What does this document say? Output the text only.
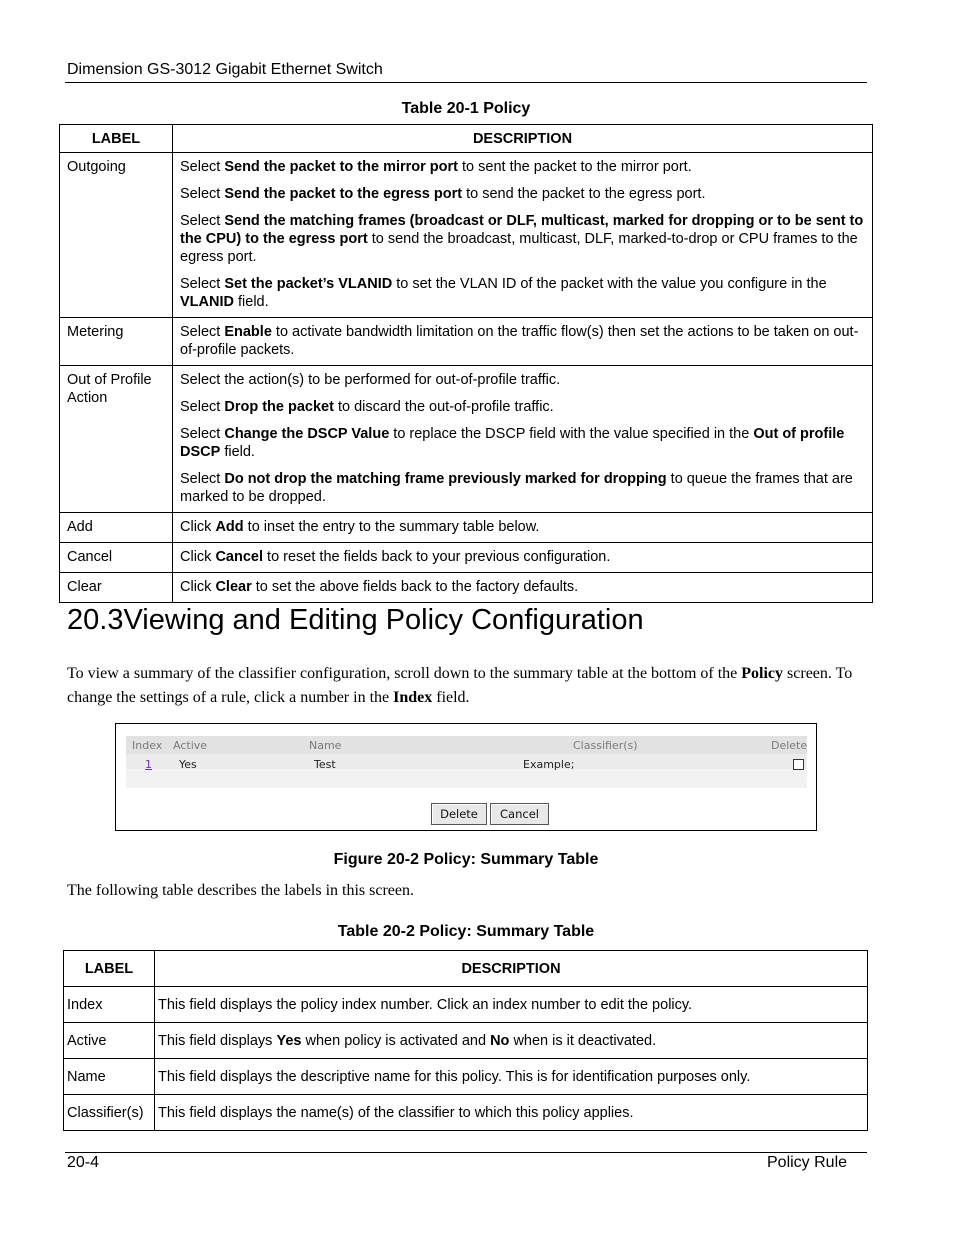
Dimension GS-3012 Gigabit Ethernet Switch
Table 20-1 Policy
LABEL	DESCRIPTION
Outgoing	Select Send the packet to the mirror port to sent the packet to the mirror port.

Select Send the packet to the egress port to send the packet to the egress port.

Select Send the matching frames (broadcast or DLF, multicast, marked for dropping or to be sent to the CPU) to the egress port to send the broadcast, multicast, DLF, marked-to-drop or CPU frames to the egress port.

Select Set the packet’s VLANID to set the VLAN ID of the packet with the value you configure in the VLANID field.

Metering	Select Enable to activate bandwidth limitation on the traffic flow(s) then set the actions to be taken on out-of-profile packets.

Out of Profile Action	Select the action(s) to be performed for out-of-profile traffic.

Select Drop the packet to discard the out-of-profile traffic.

Select Change the DSCP Value to replace the DSCP field with the value specified in the Out of profile DSCP field.

Select Do not drop the matching frame previously marked for dropping to queue the frames that are marked to be dropped.

Add	Click Add to inset the entry to the summary table below.

Cancel	Click Cancel to reset the fields back to your previous configuration.

Clear	Click Clear to set the above fields back to the factory defaults.

20.3Viewing and Editing Policy Configuration
To view a summary of the classifier configuration, scroll down to the summary table at the bottom of the Policy screen. To change the settings of a rule, click a number in the Index field.
Index Active	Name	Classifier(s)	Delete
1 Yes	Test	Example;
Delete	Cancel
Figure 20-2 Policy: Summary Table
The following table describes the labels in this screen.
Table 20-2 Policy: Summary Table
LABEL	DESCRIPTION
Index	This field displays the policy index number. Click an index number to edit the policy.
Active	This field displays Yes when policy is activated and No when is it deactivated.
Name	This field displays the descriptive name for this policy. This is for identification purposes only.
Classifier(s)	This field displays the name(s) of the classifier to which this policy applies.
20-4	Policy Rule
